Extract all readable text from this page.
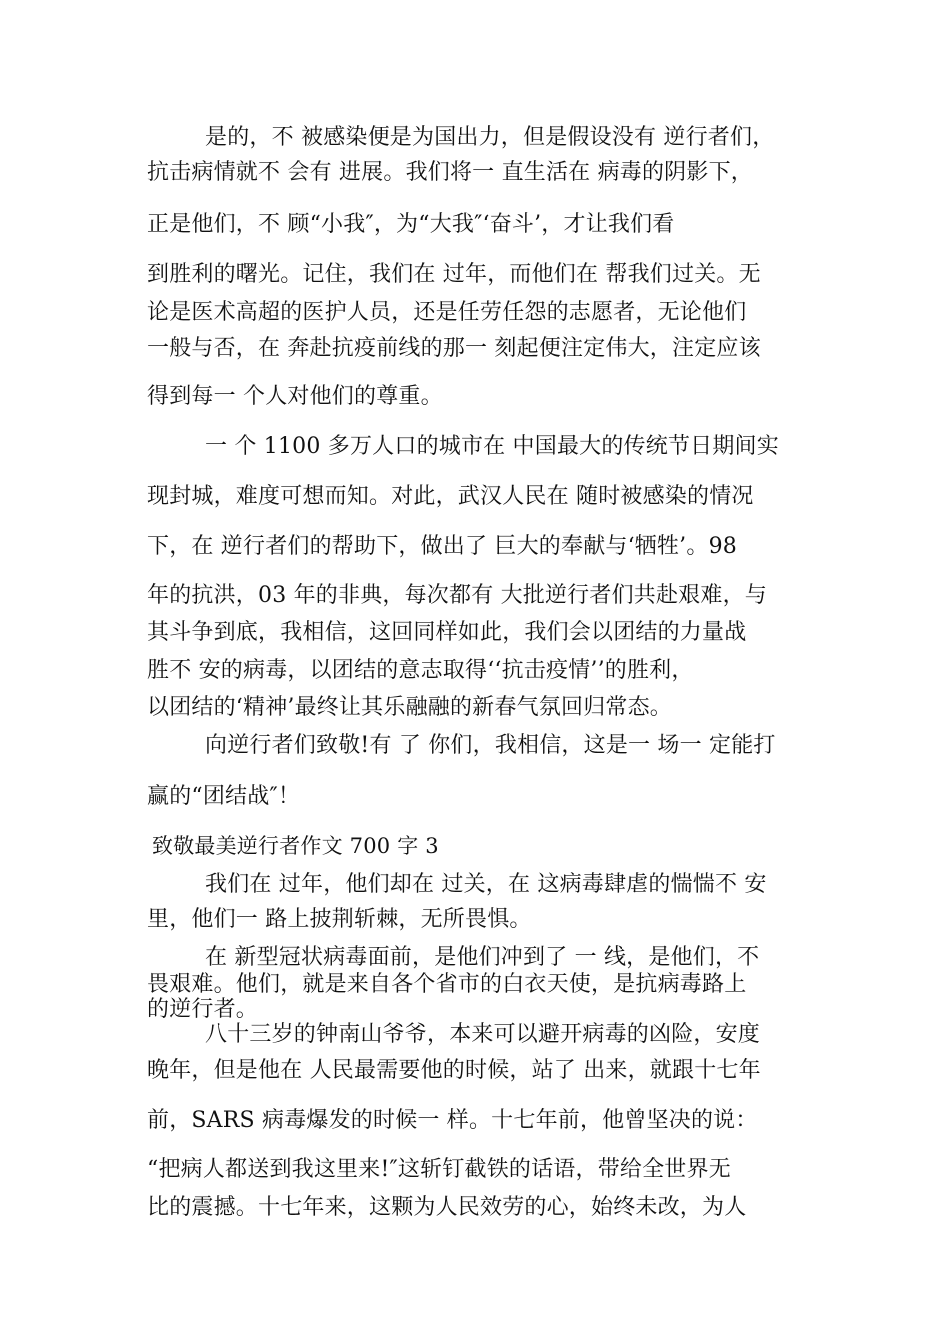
是的，不 被感染便是为国出力，但是假设没有 逆行者们，
抗击病情就不 会有 进展。我们将一 直生活在 病毒的阴影下，
正是他们，不 顾“小我″，为“大我″‘奋斗’，才让我们看
到胜利的曙光。记住，我们在 过年，而他们在 帮我们过关。无
论是医术高超的医护人员，还是任劳任怨的志愿者，无论他们
一般与否，在 奔赴抗疫前线的那一 刻起便注定伟大，注定应该
得到每一 个人对他们的尊重。
一 个 1100 多万人口的城市在 中国最大的传统节日期间实
现封城，难度可想而知。对此，武汉人民在 随时被感染的情况
下，在 逆行者们的帮助下，做出了 巨大的奉献与‘牺牲’。98
年的抗洪，03 年的非典，每次都有 大批逆行者们共赴艰难，与
其斗争到底，我相信，这回同样如此，我们会以团结的力量战
胜不 安的病毒，以团结的意志取得‘‘抗击疫情’’的胜利，
以团结的‘精神’最终让其乐融融的新春气氛回归常态。
向逆行者们致敬!有 了 你们，我相信，这是一 场一 定能打
赢的“团结战″！
致敬最美逆行者作文 700 字 3
我们在 过年，他们却在 过关，在 这病毒肆虐的惴惴不 安
里，他们一 路上披荆斩棘，无所畏惧。
在 新型冠状病毒面前，是他们冲到了 一 线，是他们，不
畏艰难。他们，就是来自各个省市的白衣天使，是抗病毒路上
的逆行者。
八十三岁的钟南山爷爷，本来可以避开病毒的凶险，安度
晚年，但是他在 人民最需要他的时候，站了 出来，就跟十七年
前，SARS 病毒爆发的时候一 样。十七年前，他曾坚决的说：
“把病人都送到我这里来!″这斩钉截铁的话语，带给全世界无
比的震撼。十七年来，这颗为人民效劳的心，始终未改，为人
